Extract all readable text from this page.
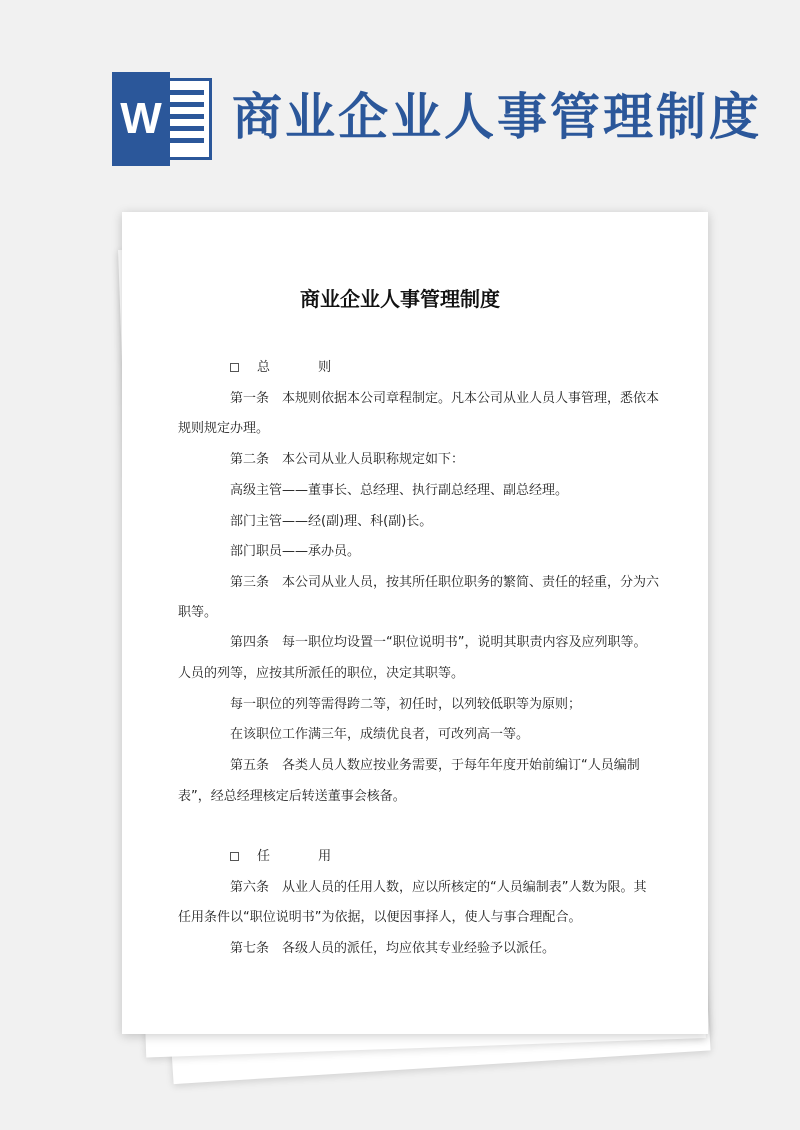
W 商业企业人事管理制度
商业企业人事管理制度
总 则
第一条　本规则依据本公司章程制定。凡本公司从业人员人事管理，悉依本
规则规定办理。
第二条　本公司从业人员职称规定如下：
高级主管——董事长、总经理、执行副总经理、副总经理。
部门主管——经(副)理、科(副)长。
部门职员——承办员。
第三条　本公司从业人员，按其所任职位职务的繁简、责任的轻重，分为六
职等。
第四条　每一职位均设置一“职位说明书”，说明其职责内容及应列职等。
人员的列等，应按其所派任的职位，决定其职等。
每一职位的列等需得跨二等，初任时，以列较低职等为原则；
在该职位工作满三年，成绩优良者，可改列高一等。
第五条　各类人员人数应按业务需要，于每年年度开始前编订“人员编制
表”，经总经理核定后转送董事会核备。
任 用
第六条　从业人员的任用人数，应以所核定的“人员编制表”人数为限。其
任用条件以“职位说明书”为依据，以便因事择人，使人与事合理配合。
第七条　各级人员的派任，均应依其专业经验予以派任。
